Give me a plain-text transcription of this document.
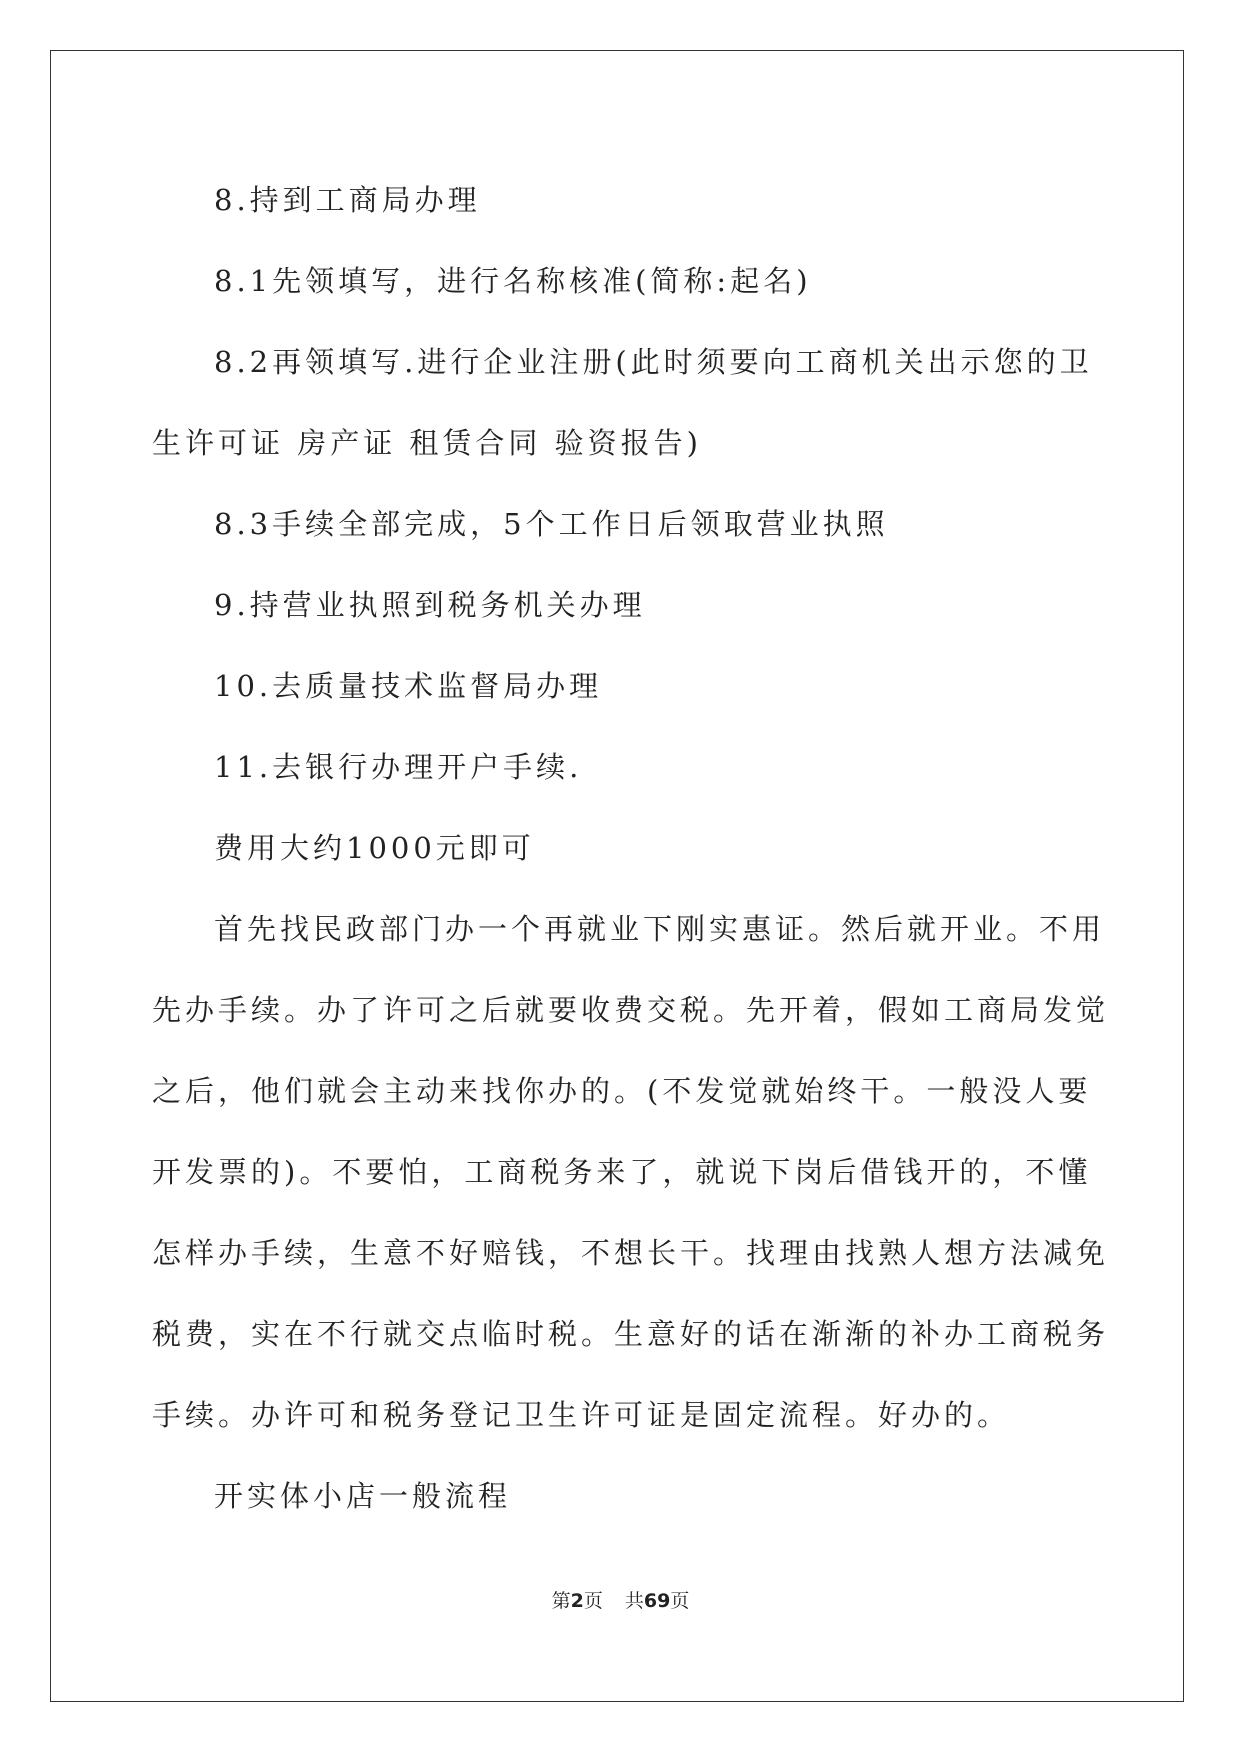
8.持到工商局办理

8.1先领填写，进行名称核准(简称:起名)

8.2再领填写.进行企业注册(此时须要向工商机关出示您的卫生许可证 房产证 租赁合同 验资报告)

8.3手续全部完成，5个工作日后领取营业执照

9.持营业执照到税务机关办理

10.去质量技术监督局办理

11.去银行办理开户手续.

费用大约1000元即可

首先找民政部门办一个再就业下刚实惠证。然后就开业。不用先办手续。办了许可之后就要收费交税。先开着，假如工商局发觉之后，他们就会主动来找你办的。(不发觉就始终干。一般没人要开发票的)。不要怕，工商税务来了，就说下岗后借钱开的，不懂怎样办手续，生意不好赔钱，不想长干。找理由找熟人想方法减免税费，实在不行就交点临时税。生意好的话在渐渐的补办工商税务手续。办许可和税务登记卫生许可证是固定流程。好办的。

开实体小店一般流程

第2页 共69页
